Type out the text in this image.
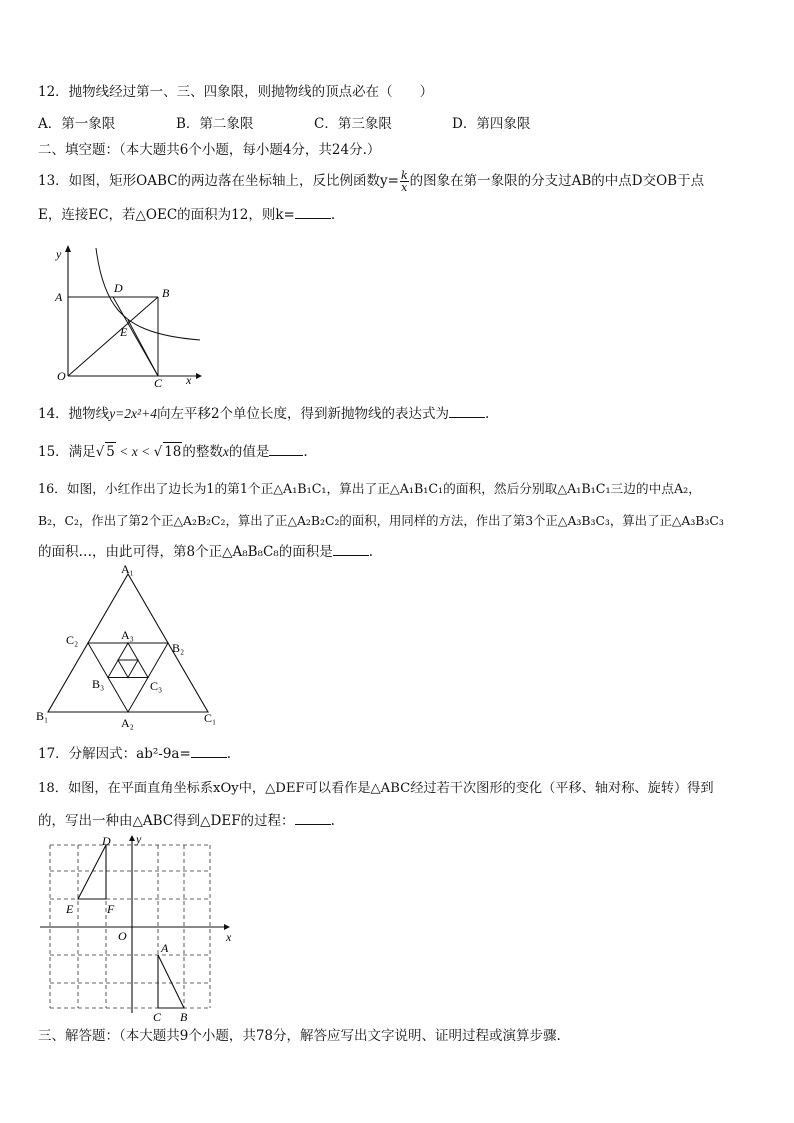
12．抛物线经过第一、三、四象限，则抛物线的顶点必在（　　）
A．第一象限	B．第二象限	C．第三象限	D．第四象限
二、填空题：（本大题共6个小题，每小题4分，共24分.）
13．如图，矩形OABC的两边落在坐标轴上，反比例函数$y= \frac{k}{x}$ 的图象在第一象限的分支过AB的中点D交OB于点
E，连接EC，若△OEC的面积为12，则k=	.
y
A
D	B
E
O	C x
14．抛物线y=2x²+4向左平移2个单位长度，得到新抛物线的表达式为	.
15．满足√ 5 < x < √ 18的整数x的值是	.
16．如图，小红作出了边长为1的第1个正△A₁B₁C₁，算出了正△A₁B₁C₁的面积，然后分别取△A₁B₁C₁三边的中点A₂，
B₂，C₂，作出了第2个正△A₂B₂C₂，算出了正△A₂B₂C₂的面积，用同样的方法，作出了第3个正△A₃B₃C₃，算出了正△A₃B₃C₃
的面积…，由此可得，第8个正△A₈B₈C₈的面积是	.
A₁
C₂	A₃
B₂
B₃	C₃
B₁	A₂	C₁
17．分解因式：ab²-9a=	.
18．如图，在平面直角坐标系xOy中，△DEF可以看作是△ABC经过若干次图形的变化（平移、轴对称、旋转）得到
的，写出一种由△ABC得到△DEF的过程：	.
y
D
E	F
O	x
A
C B
三、解答题：（本大题共9个小题，共78分，解答应写出文字说明、证明过程或演算步骤.
